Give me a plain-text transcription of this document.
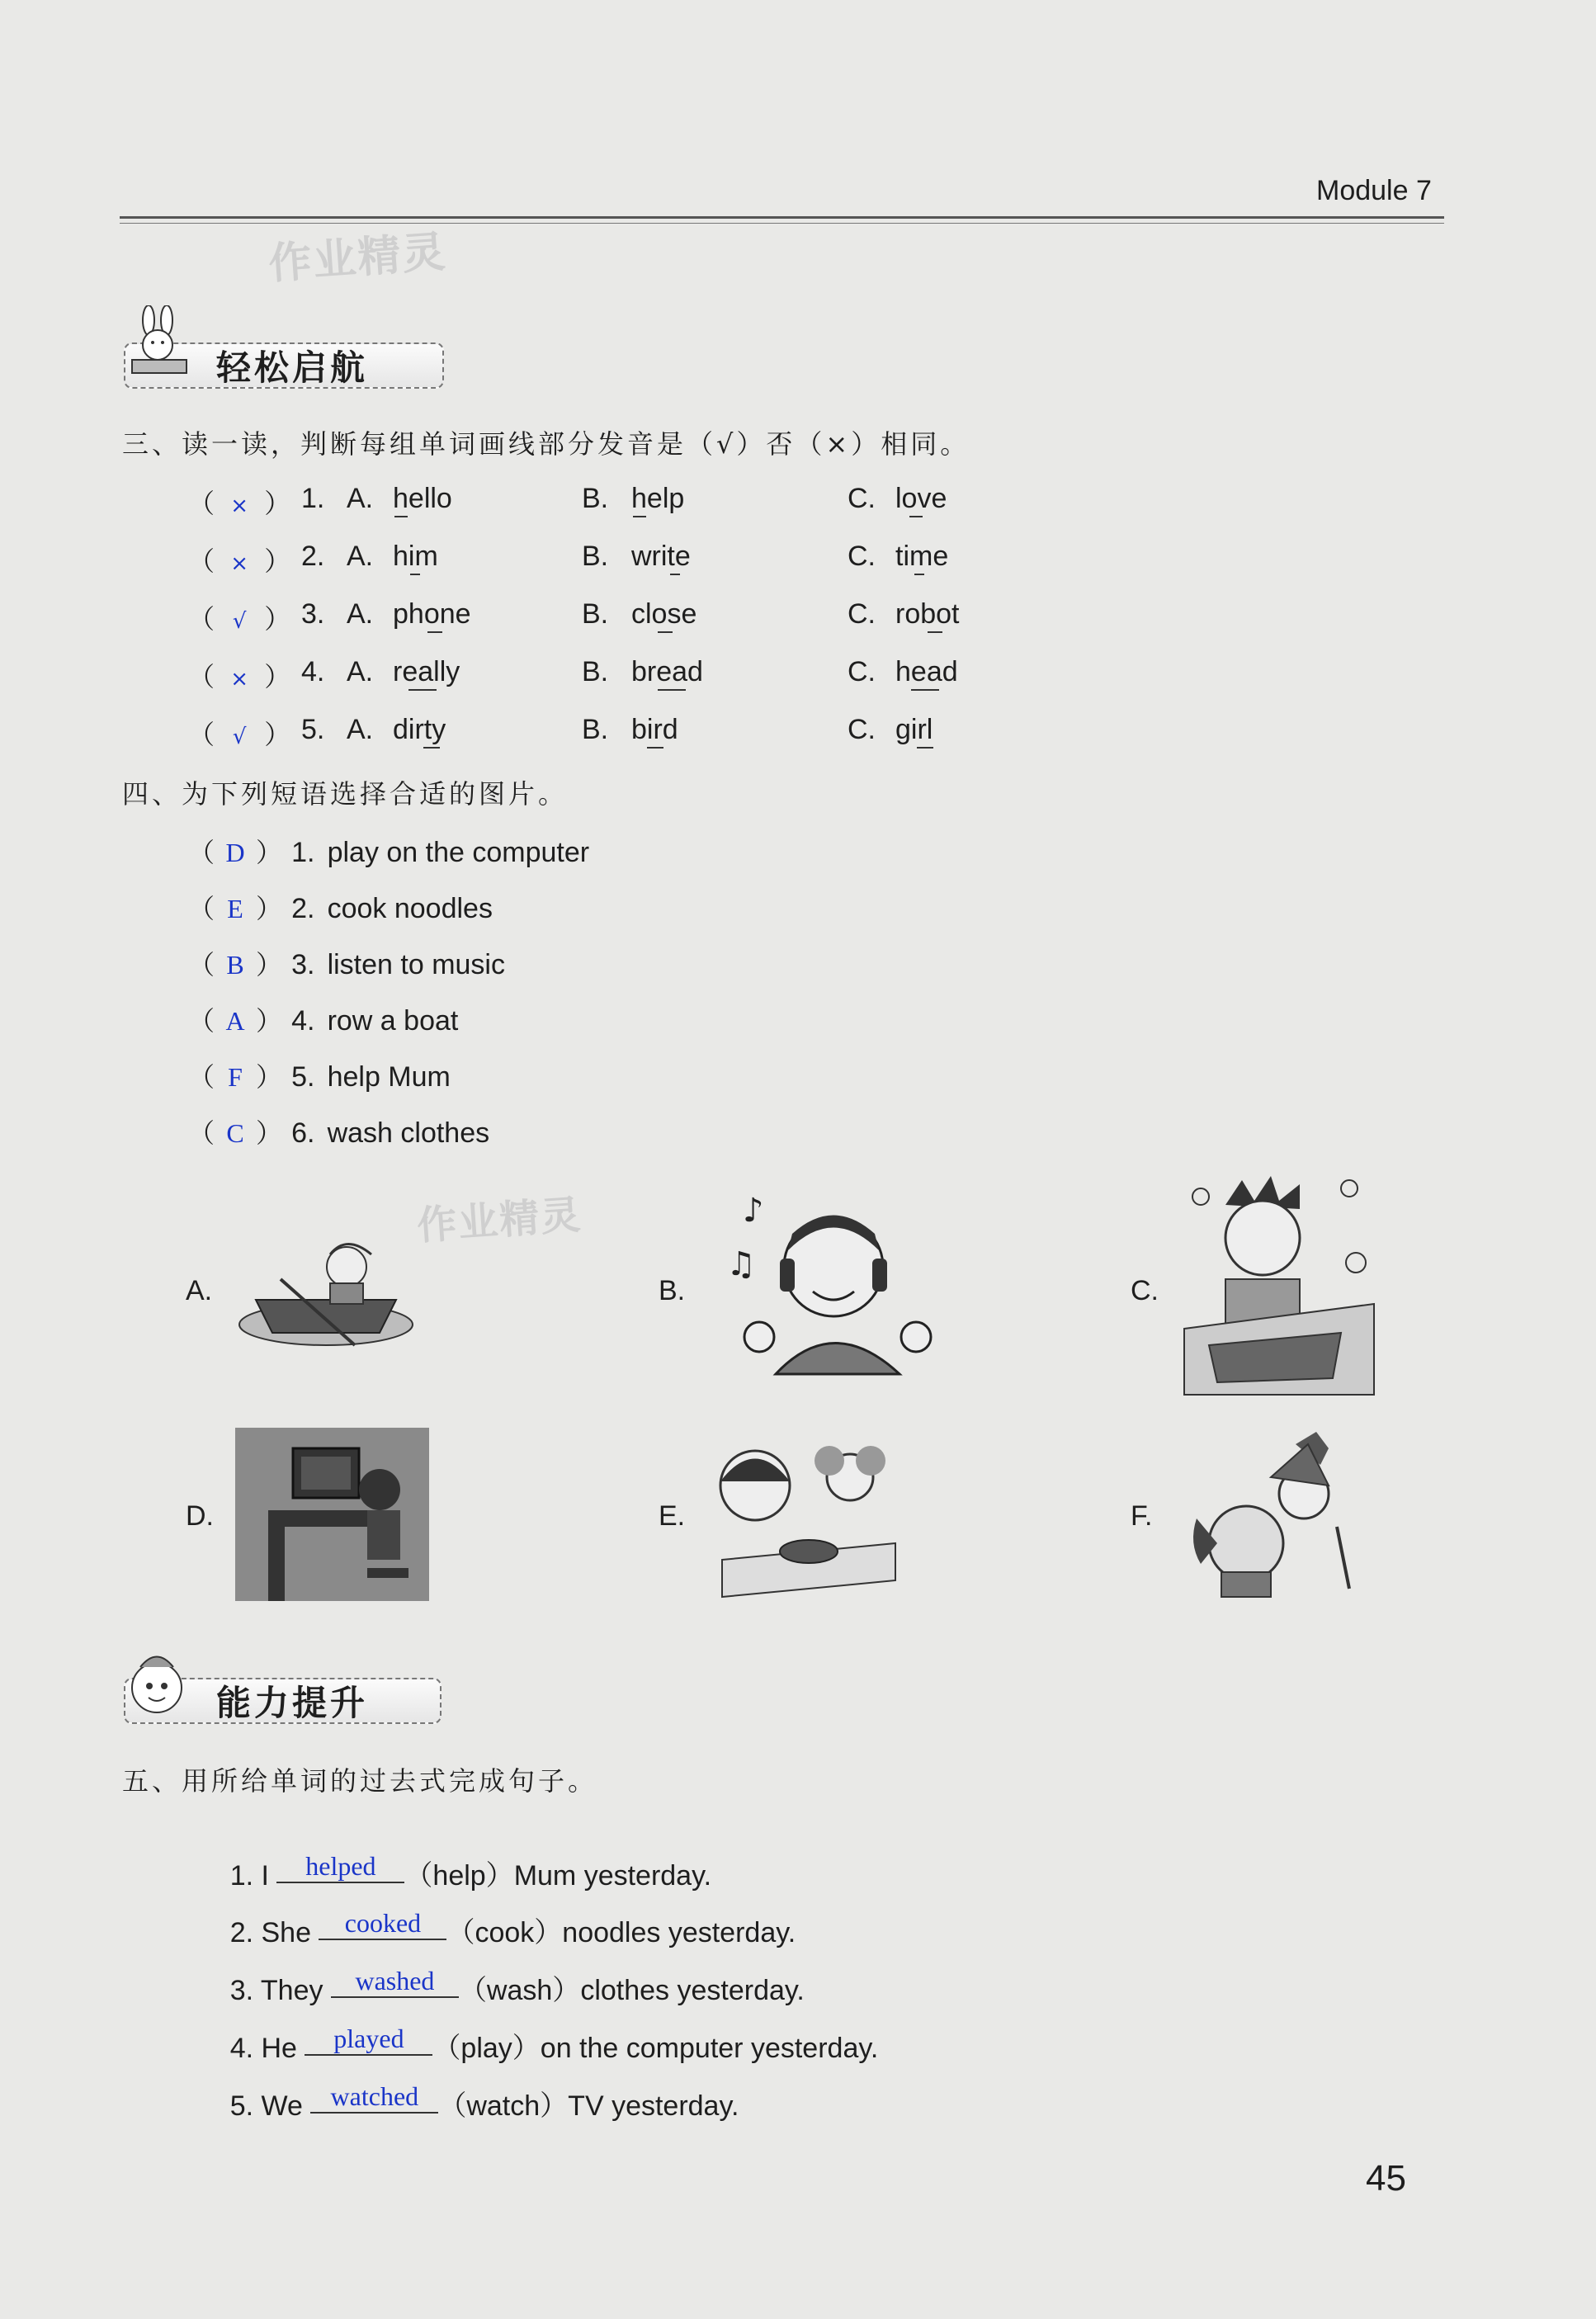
Module 7
作业精灵
轻松启航
三、读一读，判断每组单词画线部分发音是（√）否（×）相同。
（ × ） 1. A. hello	B. help	C. love
（ × ） 2. A. him	B. write	C. time
（ √ ） 3. A. phone	B. close	C. robot
（ × ） 4. A. really	B. bread	C. head
（ √ ） 5. A. dirty	B. bird	C. girl
四、为下列短语选择合适的图片。
（ D ） 1. play on the computer
（ E ） 2. cook noodles
（ B ） 3. listen to music
（ A ） 4. row a boat
（ F ） 5. help Mum
（ C ） 6. wash clothes
作业精灵
A.	B.
♪
♫
C.
D.	E.	F.
能力提升
五、用所给单词的过去式完成句子。

1. I helped （help）Mum yesterday.

2. She cooked （cook）noodles yesterday.

3. They washed （wash）clothes yesterday.

4. He played （play）on the computer yesterday.

5. We watched （watch）TV yesterday.

45
